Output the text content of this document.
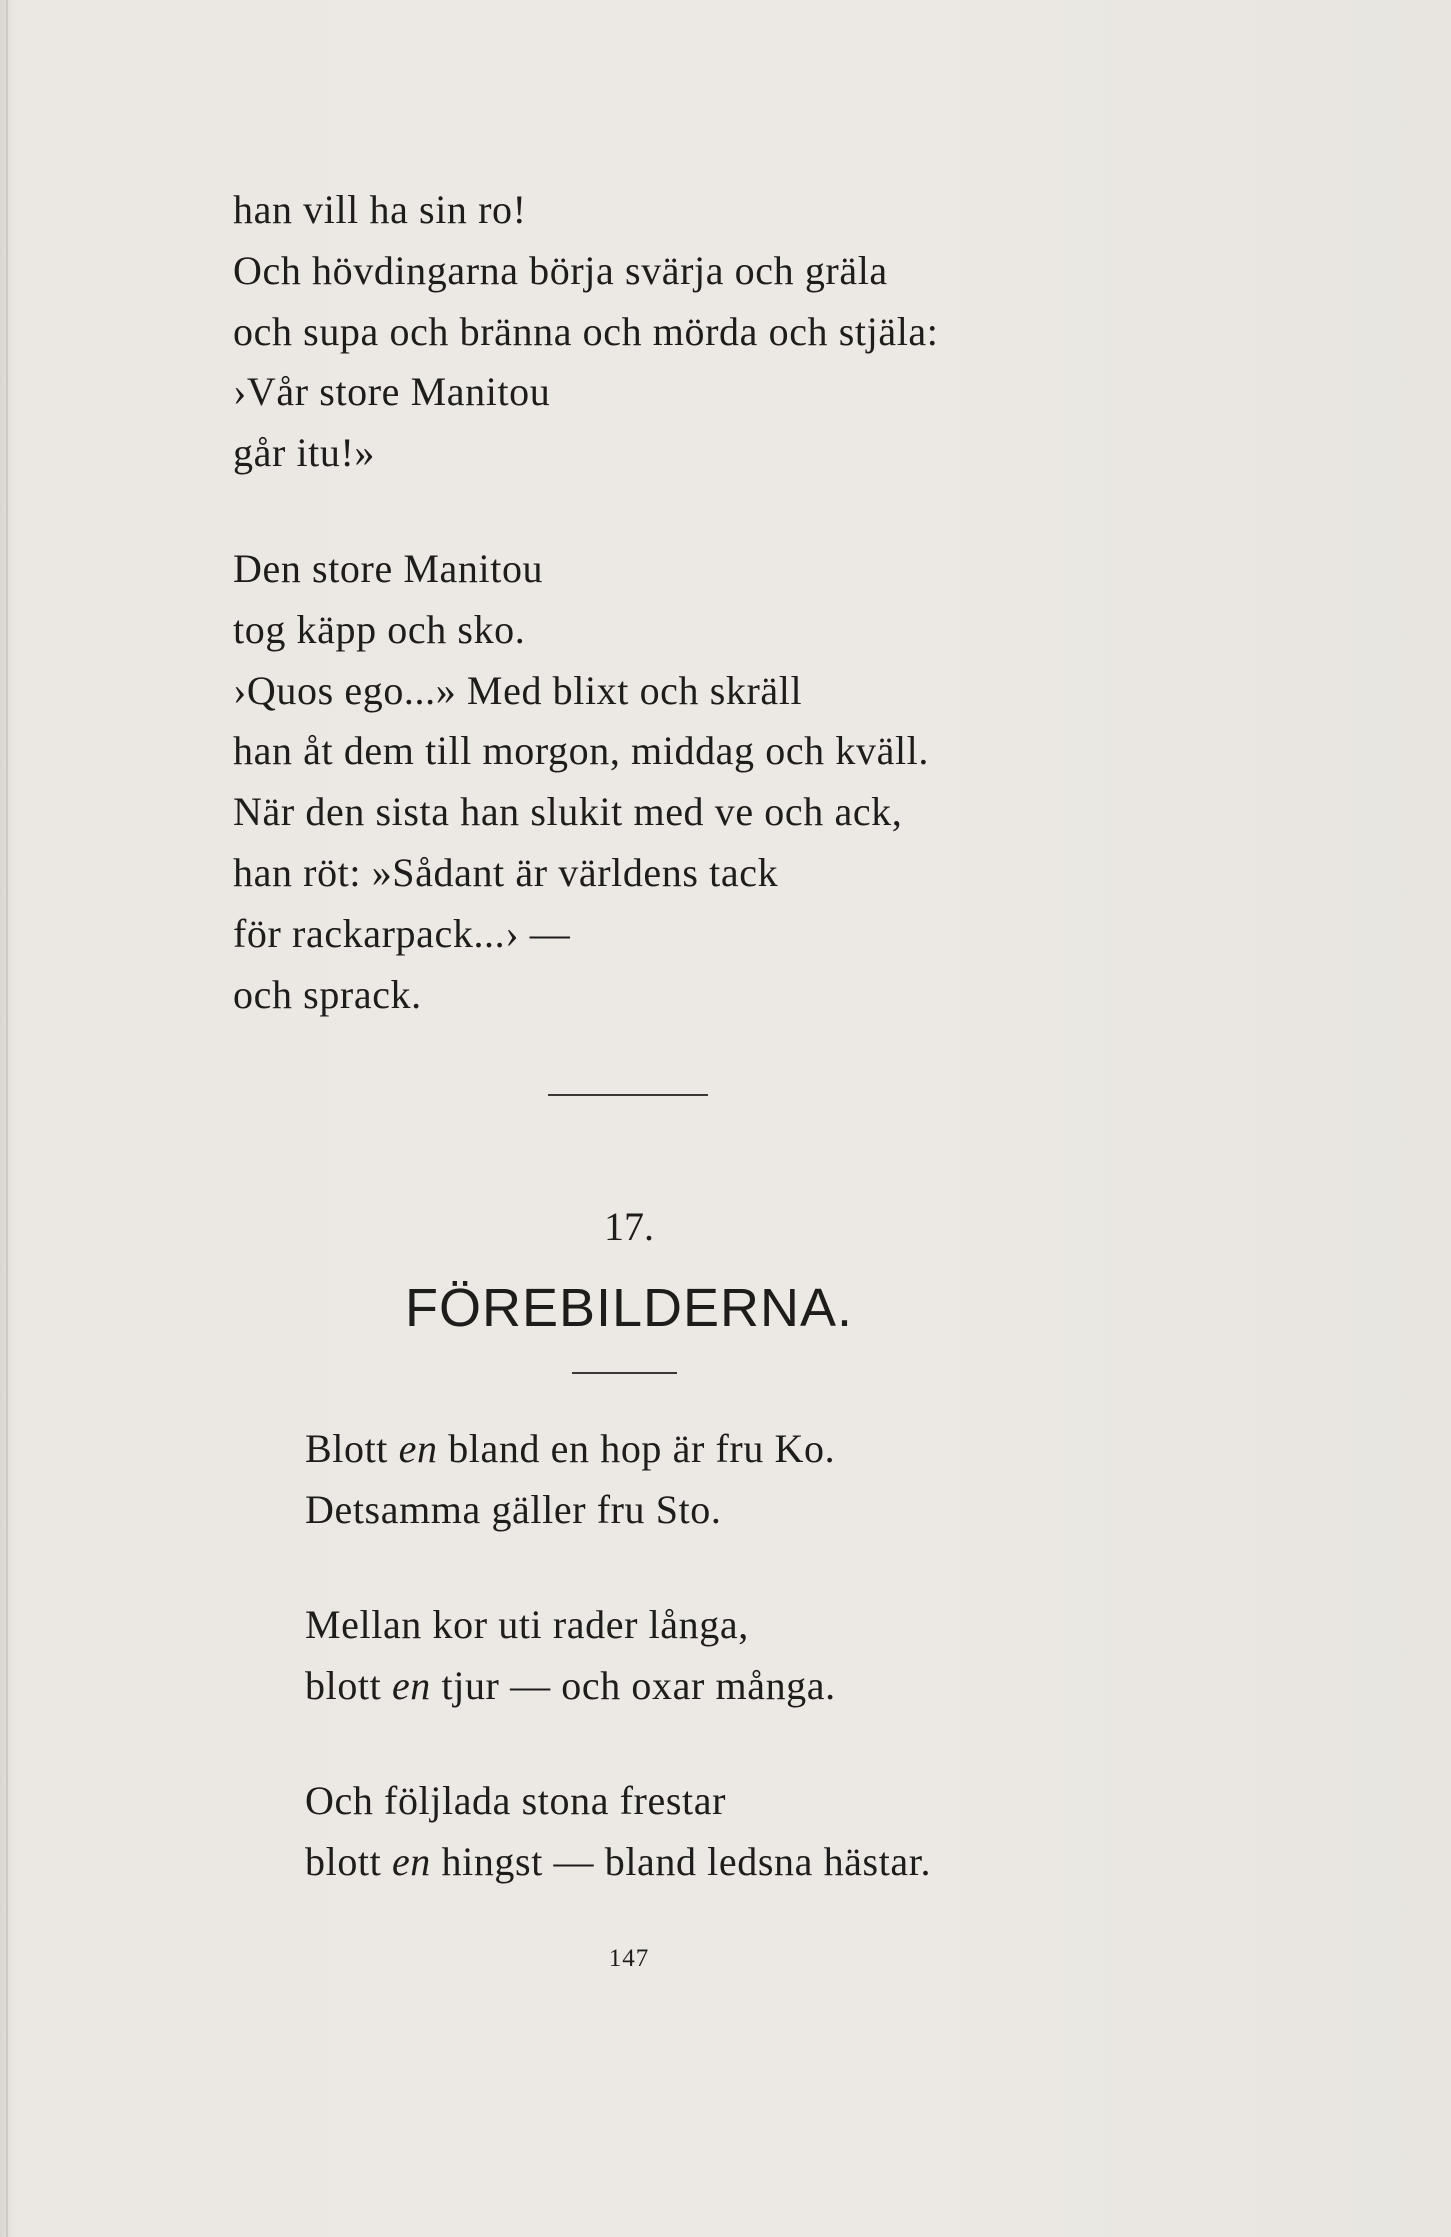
han vill ha sin ro!
Och hövdingarna börja svärja och gräla
och supa och bränna och mörda och stjäla:
›Vår store Manitou
går itu!»
Den store Manitou
tog käpp och sko.
›Quos ego...» Med blixt och skräll
han åt dem till morgon, middag och kväll.
När den sista han slukit med ve och ack,
han röt: »Sådant är världens tack
för rackarpack...› —
och sprack.
17.
FÖREBILDERNA.
Blott en bland en hop är fru Ko.
Detsamma gäller fru Sto.
Mellan kor uti rader långa,
blott en tjur — och oxar många.
Och följlada stona frestar
blott en hingst — bland ledsna hästar.
147
